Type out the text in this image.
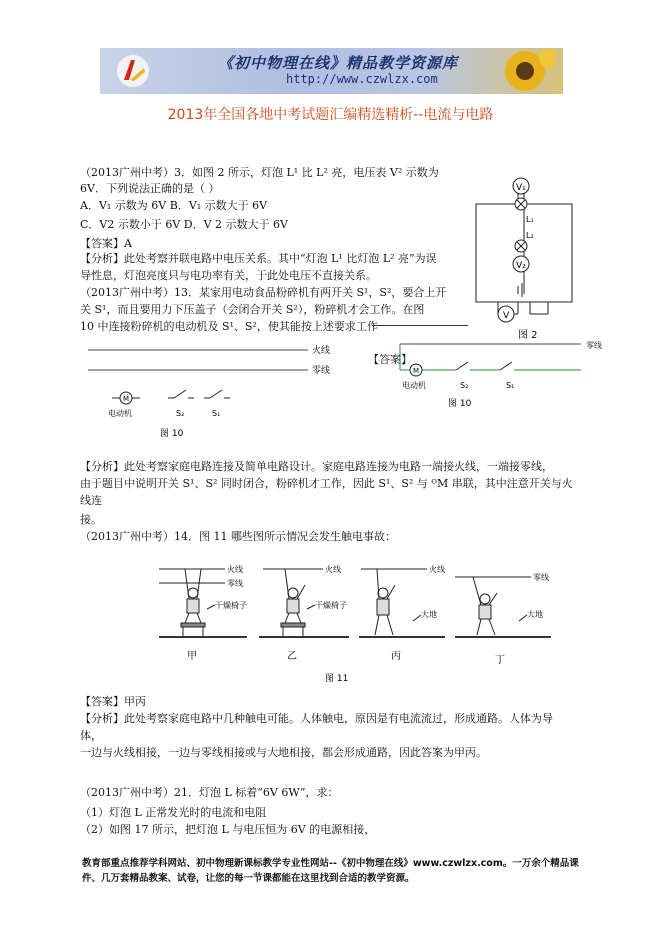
《初中物理在线》精品教学资源库
http://www.czwlzx.com
2013年全国各地中考试题汇编精选精析--电流与电路
（2013广州中考）3．如图 2 所示，灯泡 L¹ 比 L² 亮，电压表 V² 示数为
6V．下列说法正确的是（ ）
A．V₁ 示数为 6V B．V₁ 示数大于 6V
C．V2 示数小于 6V D．V 2 示数大于 6V
【答案】A
【分析】此处考察并联电路中电压关系。其中“灯泡 L¹ 比灯泡 L² 亮”为误
导性息，灯泡亮度只与电功率有关，于此处电压不直接关系。
（2013广州中考）13．某家用电动食品粉碎机有两开关 S¹，S²，要合上开
关 S¹，而且要用力下压盖子（会闭合开关 S²），粉碎机才会工作。在图
10 中连接粉碎机的电动机及 S¹、S²，使其能按上述要求工作
V₁
L₁
L₂
V₂
V
图 2
火线
零线
M
电动机	S₂	S₁
图 10
【答案】
零线
M
电动机	S₂	S₁
图 10
【分析】此处考察家庭电路连接及简单电路设计。家庭电路连接为电路一端接火线，一端接零线，
由于题目中说明开关 S¹、S² 同时闭合，粉碎机才工作，因此 S¹、S² 与 ᴼM 串联，其中注意开关与火
线连
接。
（2013广州中考）14．图 11 哪些图所示情况会发生触电事故：
火线
零线
干燥椅子
甲
火线
干燥椅子
乙
火线
大地
丙
零线
大地
丁
图 11
【答案】甲丙
【分析】此处考察家庭电路中几种触电可能。人体触电，原因是有电流流过，形成通路。人体为导
体，
一边与火线相接，一边与零线相接或与大地相接，都会形成通路，因此答案为甲丙。
（2013广州中考）21．灯泡 L 标着“6V 6W”，求：
（1）灯泡 L 正常发光时的电流和电阻
（2）如图 17 所示，把灯泡 L 与电压恒为 6V 的电源相接，
教育部重点推荐学科网站、初中物理新课标教学专业性网站--《初中物理在线》www.czwlzx.com。一万余个精品课
件、几万套精品教案、试卷，让您的每一节课都能在这里找到合适的教学资源。
